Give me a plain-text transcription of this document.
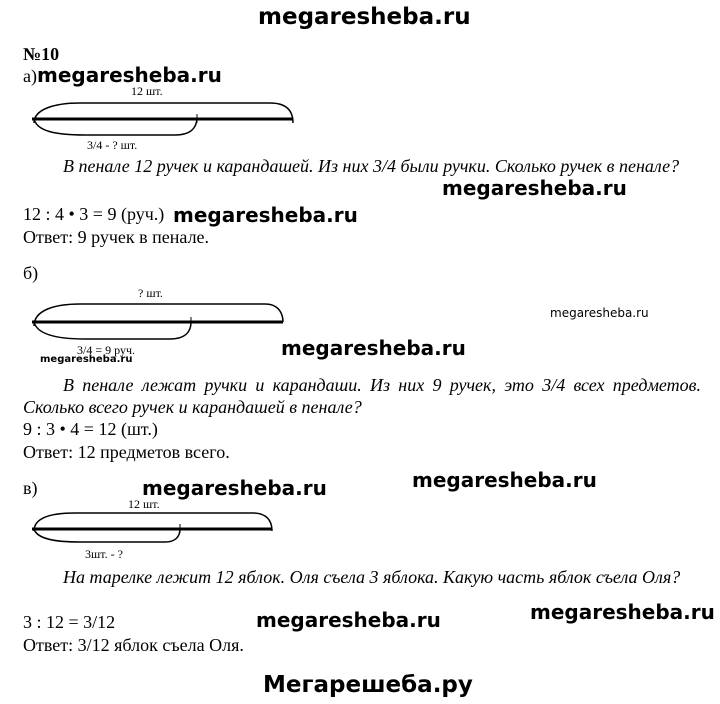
megaresheba.ru
№10
а) megaresheba.ru
12 шт.
3/4 - ? шт.
В пенале 12 ручек и карандашей. Из них 3/4 были ручки. Сколько ручек в пенале?
megaresheba.ru
12 : 4 • 3 = 9 (руч.) megaresheba.ru
Ответ: 9 ручек в пенале.
б)
? шт.
3/4 = 9 руч.
megaresheba.ru
megaresheba.ru	megaresheba.ru
В пенале лежат ручки и карандаши. Из них 9 ручек, это 3/4 всех предметов. Сколько всего ручек и карандашей в пенале?
9 : 3 • 4 = 12 (шт.)
Ответ: 12 предметов всего.
в)	megaresheba.ru	megaresheba.ru
12 шт.
3шт. - ?
На тарелке лежит 12 яблок. Оля съела 3 яблока. Какую часть яблок съела Оля?
megaresheba.ru	megaresheba.ru
3 : 12 = 3/12
Ответ: 3/12 яблок съела Оля.
Мегарешеба.ру
